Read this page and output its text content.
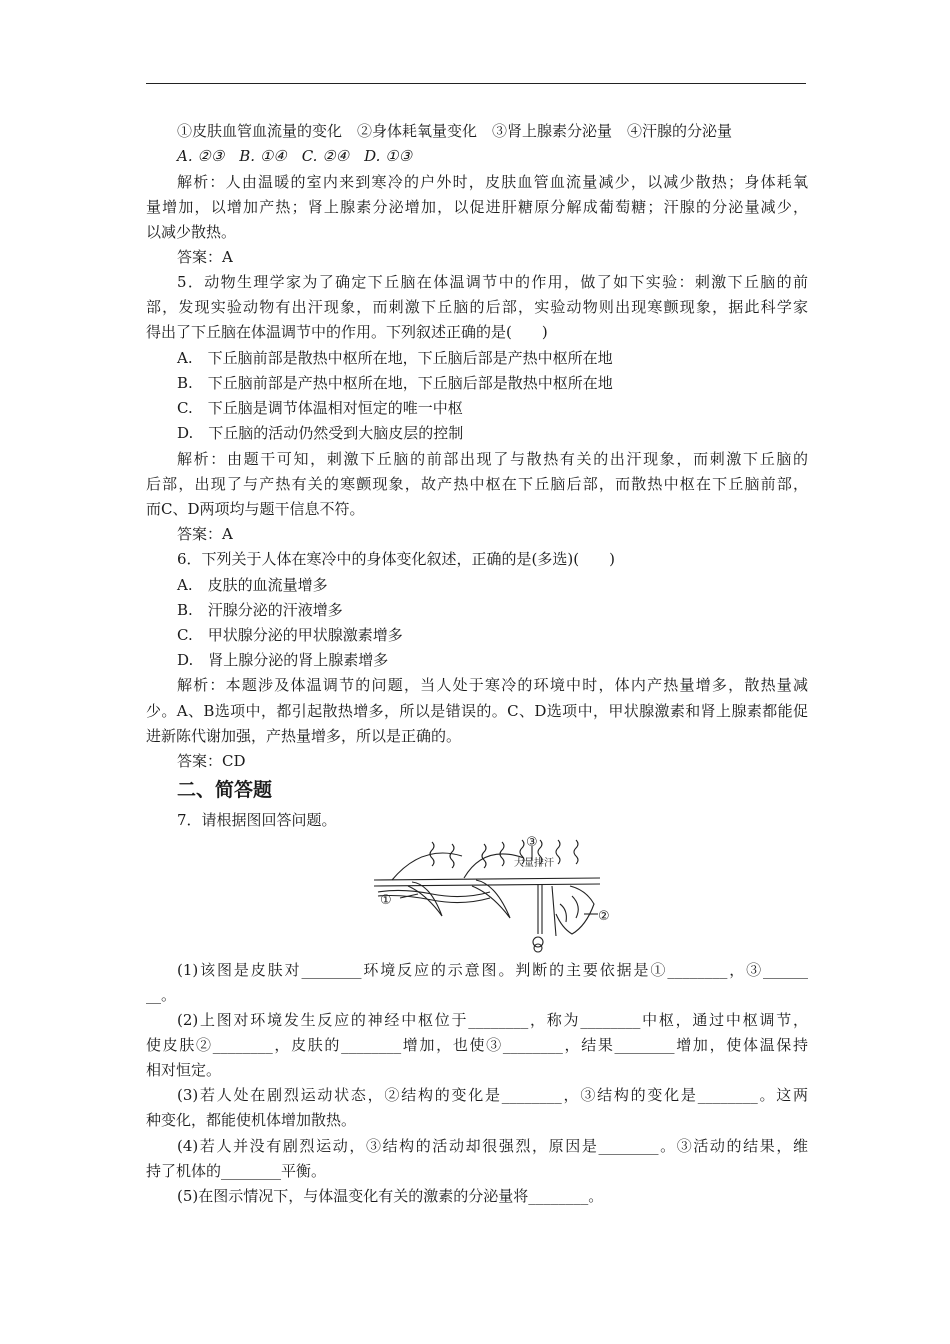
①皮肤血管血流量的变化　②身体耗氧量变化　③肾上腺素分泌量　④汗腺的分泌量
A. ②③　B. ①④　C. ②④　D. ①③
解析：人由温暖的室内来到寒冷的户外时，皮肤血管血流量减少，以减少散热；身体耗氧
量增加，以增加产热；肾上腺素分泌增加，以促进肝糖原分解成葡萄糖；汗腺的分泌量减少，
以减少散热。
答案：A
5．动物生理学家为了确定下丘脑在体温调节中的作用，做了如下实验：刺激下丘脑的前
部，发现实验动物有出汗现象，而刺激下丘脑的后部，实验动物则出现寒颤现象，据此科学家
得出了下丘脑在体温调节中的作用。下列叙述正确的是(　　)
A.　下丘脑前部是散热中枢所在地，下丘脑后部是产热中枢所在地
B.　下丘脑前部是产热中枢所在地，下丘脑后部是散热中枢所在地
C.　下丘脑是调节体温相对恒定的唯一中枢
D.　下丘脑的活动仍然受到大脑皮层的控制
解析：由题干可知，刺激下丘脑的前部出现了与散热有关的出汗现象，而刺激下丘脑的
后部，出现了与产热有关的寒颤现象，故产热中枢在下丘脑后部，而散热中枢在下丘脑前部，
而C、D两项均与题干信息不符。
答案：A
6．下列关于人体在寒冷中的身体变化叙述，正确的是(多选)(　　)
A.　皮肤的血流量增多
B.　汗腺分泌的汗液增多
C.　甲状腺分泌的甲状腺激素增多
D.　肾上腺分泌的肾上腺素增多
解析：本题涉及体温调节的问题，当人处于寒冷的环境中时，体内产热量增多，散热量减
少。A、B选项中，都引起散热增多，所以是错误的。C、D选项中，甲状腺激素和肾上腺素都能促
进新陈代谢加强，产热量增多，所以是正确的。
答案：CD
二、简答题
7．请根据图回答问题。
①
②
③
大量排汗
(1)该图是皮肤对________环境反应的示意图。判断的主要依据是①________，③______
__。
(2)上图对环境发生反应的神经中枢位于________，称为________中枢，通过中枢调节，
使皮肤②________，皮肤的________增加，也使③________，结果________增加，使体温保持
相对恒定。
(3)若人处在剧烈运动状态，②结构的变化是________，③结构的变化是________。这两
种变化，都能使机体增加散热。
(4)若人并没有剧烈运动，③结构的活动却很强烈，原因是________。③活动的结果，维
持了机体的________平衡。
(5)在图示情况下，与体温变化有关的激素的分泌量将________。
